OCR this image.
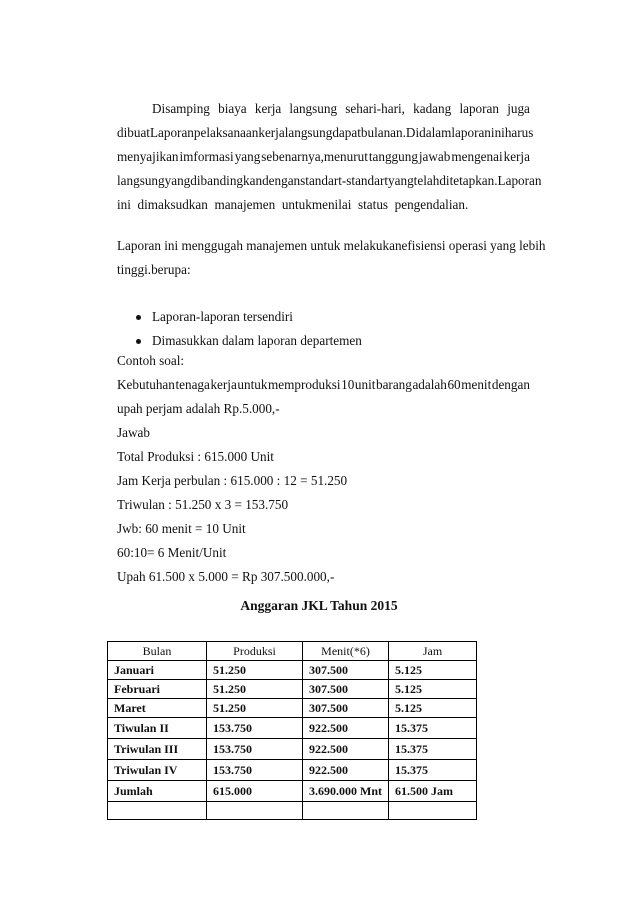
Disamping biaya kerja langsung sehari-hari, kadang laporan juga
dibuatLaporan pelaksanaan kerja langsung dapatbulanan.Di dalam laporan ini harus
menyajikan imformasi yang sebenarnya,menurut tanggung jawab mengenai kerja
langsung yang dibandingkan denganstandart-standart yang telah ditetapkan.Laporan
ini dimaksudkan manajemen untukmenilai status pengendalian.
Laporan ini menggugah manajemen untuk melakukanefisiensi operasi yang lebih
tinggi.berupa:
Laporan-laporan tersendiri
Dimasukkan dalam laporan departemen
Contoh soal:
Kebutuhan tenaga kerja untuk memproduksi 10 unit barang adalah 60 menit dengan
upah perjam adalah Rp.5.000,-
Jawab
Total Produksi : 615.000 Unit
Jam Kerja perbulan : 615.000 : 12 = 51.250
Triwulan : 51.250 x 3 = 153.750
Jwb: 60 menit = 10 Unit
60:10= 6 Menit/Unit
Upah 61.500 x 5.000 = Rp 307.500.000,-
Anggaran JKL Tahun 2015
Bulan	Produksi	Menit(*6)	Jam
Januari	51.250	307.500	5.125
Februari	51.250	307.500	5.125
Maret	51.250	307.500	5.125
Tiwulan II	153.750	922.500	15.375
Triwulan III	153.750	922.500	15.375
Triwulan IV	153.750	922.500	15.375
Jumlah	615.000	3.690.000 Mnt	61.500 Jam
